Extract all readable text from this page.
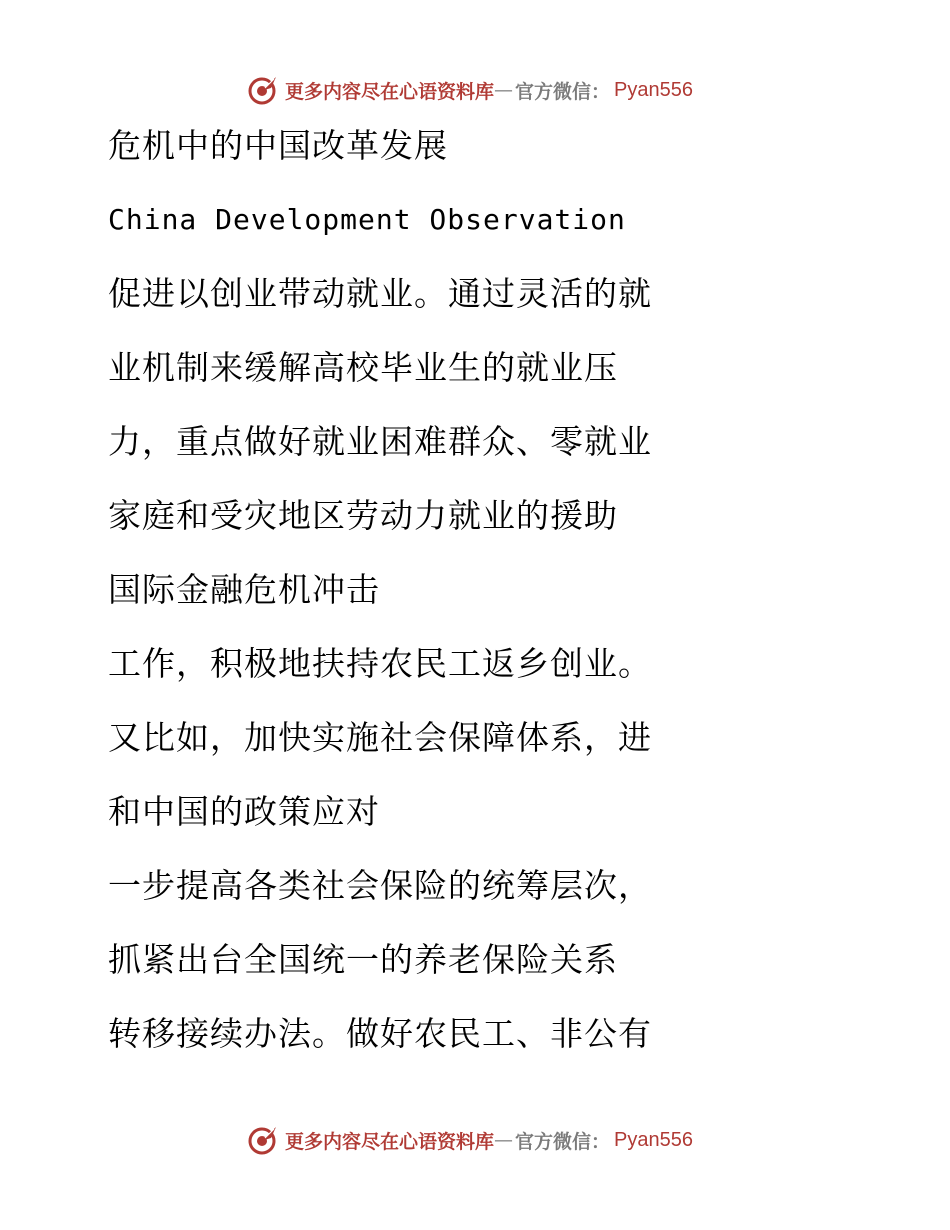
更多内容尽在心语资料库 — 官方微信： Pyan556
危机中的中国改革发展
China Development Observation
促进以创业带动就业。通过灵活的就
业机制来缓解高校毕业生的就业压
力，重点做好就业困难群众、零就业
家庭和受灾地区劳动力就业的援助
国际金融危机冲击
工作，积极地扶持农民工返乡创业。
又比如，加快实施社会保障体系，进
和中国的政策应对
一步提高各类社会保险的统筹层次，
抓紧出台全国统一的养老保险关系
转移接续办法。做好农民工、非公有
更多内容尽在心语资料库 — 官方微信： Pyan556
